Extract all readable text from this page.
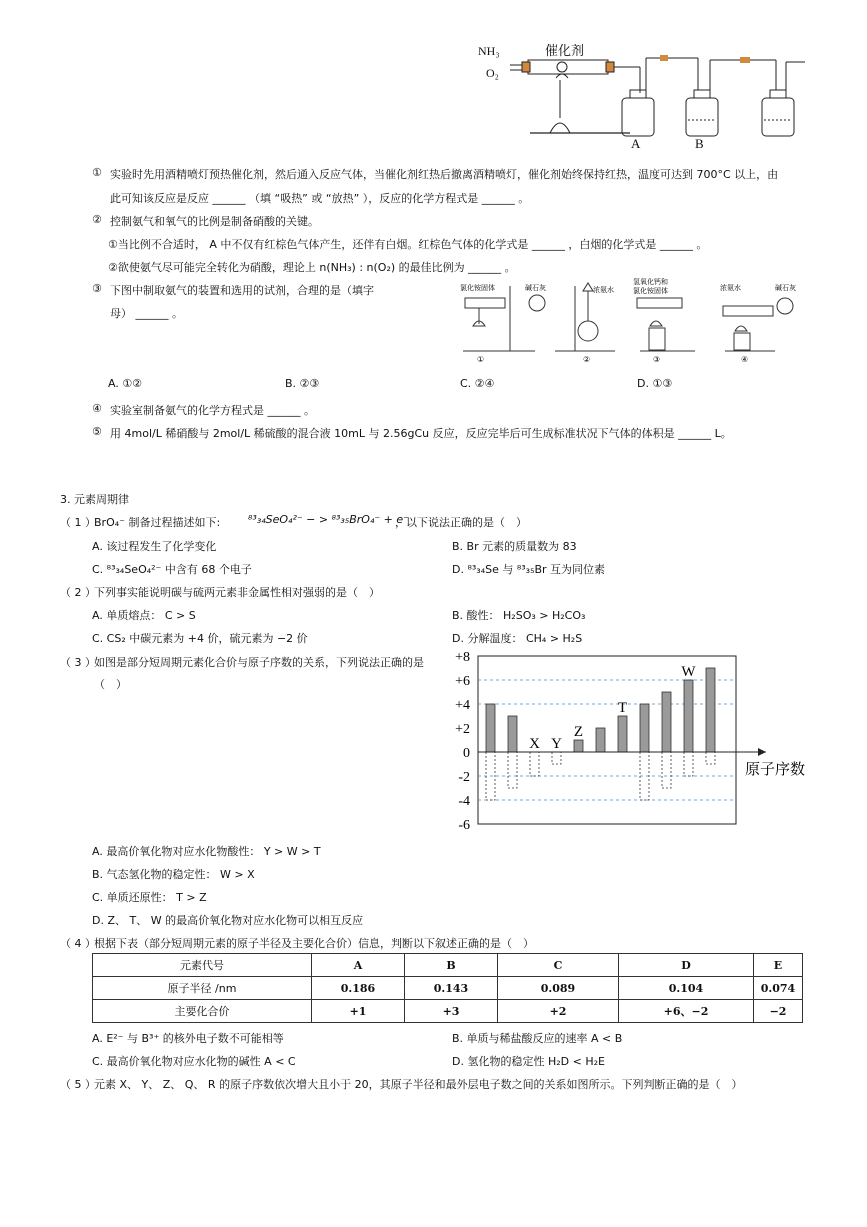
NH₃
O₂
催化剂
A	B
① 实验时先用酒精喷灯预热催化剂，然后通入反应气体，当催化剂红热后撤离酒精喷灯，催化剂始终保持红热，温度可达到 700°C 以上，由
此可知该反应是反应 ______ （填 “吸热” 或 “放热” ），反应的化学方程式是 ______ 。
② 控制氨气和氧气的比例是制备硝酸的关键。
①当比例不合适时， A 中不仅有红棕色气体产生，还伴有白烟。红棕色气体的化学式是 ______ ，白烟的化学式是 ______ 。
②欲使氨气尽可能完全转化为硝酸，理论上 n(NH₃) : n(O₂) 的最佳比例为 ______ 。
③ 下图中制取氨气的装置和选用的试剂，合理的是（填字
母） ______ 。
①	②	③	④
氯化铵固体	碱石灰	浓氨水
氢氧化钙和
氯化铵固体	浓氨水	碱石灰
A. ①②	B. ②③	C. ②④	D. ①③
④ 实验室制备氨气的化学方程式是 ______ 。
⑤ 用 4mol/L 稀硝酸与 2mol/L 稀硫酸的混合液 10mL 与 2.56gCu 反应，反应完毕后可生成标准状况下气体的体积是 ______ L。
3. 元素周期律
（ 1 ）
BrO₄⁻ 制备过程描述如下:	⁸³₃₄SeO₄²⁻ − > ⁸³₃₅BrO₄⁻ + e⁻
，以下说法正确的是（　）
A. 该过程发生了化学变化	B. Br 元素的质量数为 83
C. ⁸³₃₄SeO₄²⁻ 中含有 68 个电子	D. ⁸³₃₄Se 与 ⁸³₃₅Br 互为同位素
（ 2 ）
下列事实能说明碳与硫两元素非金属性相对强弱的是（　）
A. 单质熔点： C > S	B. 酸性： H₂SO₃ > H₂CO₃
C. CS₂ 中碳元素为 +4 价，硫元素为 −2 价	D. 分解温度： CH₄ > H₂S
（ 3 ）
如图是部分短周期元素化合价与原子序数的关系，下列说法正确的是
（　）
+8
+6
+4
+2
0
-2
-4
-6
X Y
Z
T
W
原子序数
A. 最高价氧化物对应水化物酸性： Y > W > T
B. 气态氢化物的稳定性： W > X
C. 单质还原性： T > Z
D. Z、 T、 W 的最高价氧化物对应水化物可以相互反应
（ 4 ）
根据下表（部分短周期元素的原子半径及主要化合价）信息，判断以下叙述正确的是（　）
元素代号	A	B	C	D	E
原子半径 /nm	0.186	0.143	0.089	0.104	0.074
主要化合价	+1	+3	+2	+6、−2	−2
A. E²⁻ 与 B³⁺ 的核外电子数不可能相等	B. 单质与稀盐酸反应的速率 A < B
C. 最高价氧化物对应水化物的碱性 A < C	D. 氢化物的稳定性 H₂D < H₂E
（ 5 ）
元素 X、 Y、 Z、 Q、 R 的原子序数依次增大且小于 20，其原子半径和最外层电子数之间的关系如图所示。下列判断正确的是（　）
